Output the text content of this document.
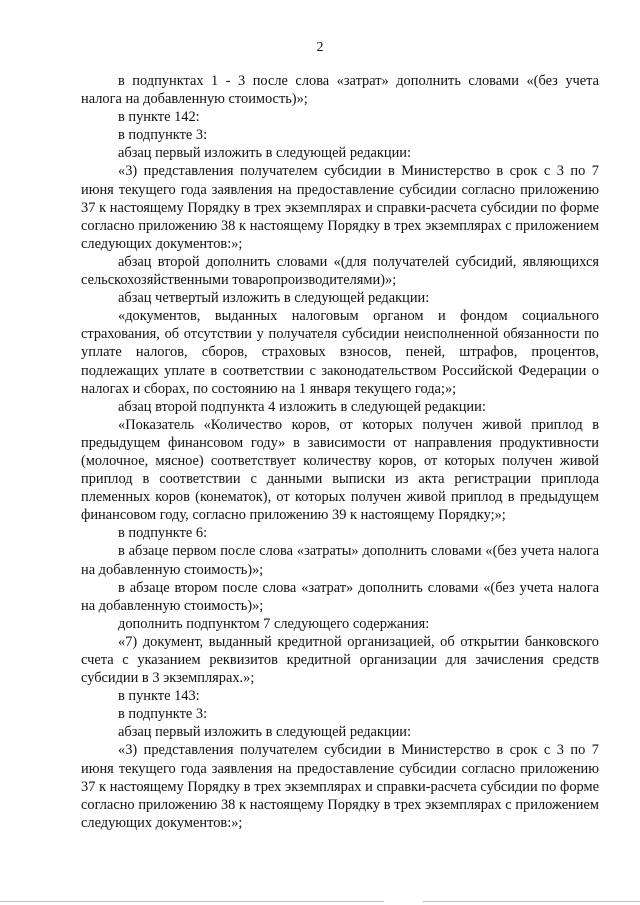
2

в подпунктах 1 - 3 после слова «затрат» дополнить словами «(без учета налога на добавленную стоимость)»;

в пункте 142:

в подпункте 3:

абзац первый изложить в следующей редакции:

«3) представления получателем субсидии в Министерство в срок с 3 по 7 июня текущего года заявления на предоставление субсидии согласно приложению 37 к настоящему Порядку в трех экземплярах и справки-расчета субсидии по форме согласно приложению 38 к настоящему Порядку в трех экземплярах с приложением следующих документов:»;

абзац второй дополнить словами «(для получателей субсидий, являющихся сельскохозяйственными товаропроизводителями)»;

абзац четвертый изложить в следующей редакции:

«документов, выданных налоговым органом и фондом социального страхования, об отсутствии у получателя субсидии неисполненной обязанности по уплате налогов, сборов, страховых взносов, пеней, штрафов, процентов, подлежащих уплате в соответствии с законодательством Российской Федерации о налогах и сборах, по состоянию на 1 января текущего года;»;

абзац второй подпункта 4 изложить в следующей редакции:

«Показатель «Количество коров, от которых получен живой приплод в предыдущем финансовом году» в зависимости от направления продуктивности (молочное, мясное) соответствует количеству коров, от которых получен живой приплод в соответствии с данными выписки из акта регистрации приплода племенных коров (конематок), от которых получен живой приплод в предыдущем финансовом году, согласно приложению 39 к настоящему Порядку;»;

в подпункте 6:

в абзаце первом после слова «затраты» дополнить словами «(без учета налога на добавленную стоимость)»;

в абзаце втором после слова «затрат» дополнить словами «(без учета налога на добавленную стоимость)»;

дополнить подпунктом 7 следующего содержания:

«7) документ, выданный кредитной организацией, об открытии банковского счета с указанием реквизитов кредитной организации для зачисления средств субсидии в 3 экземплярах.»;

в пункте 143:

в подпункте 3:

абзац первый изложить в следующей редакции:

«3) представления получателем субсидии в Министерство в срок с 3 по 7 июня текущего года заявления на предоставление субсидии согласно приложению 37 к настоящему Порядку в трех экземплярах и справки-расчета субсидии по форме согласно приложению 38 к настоящему Порядку в трех экземплярах с приложением следующих документов:»;
